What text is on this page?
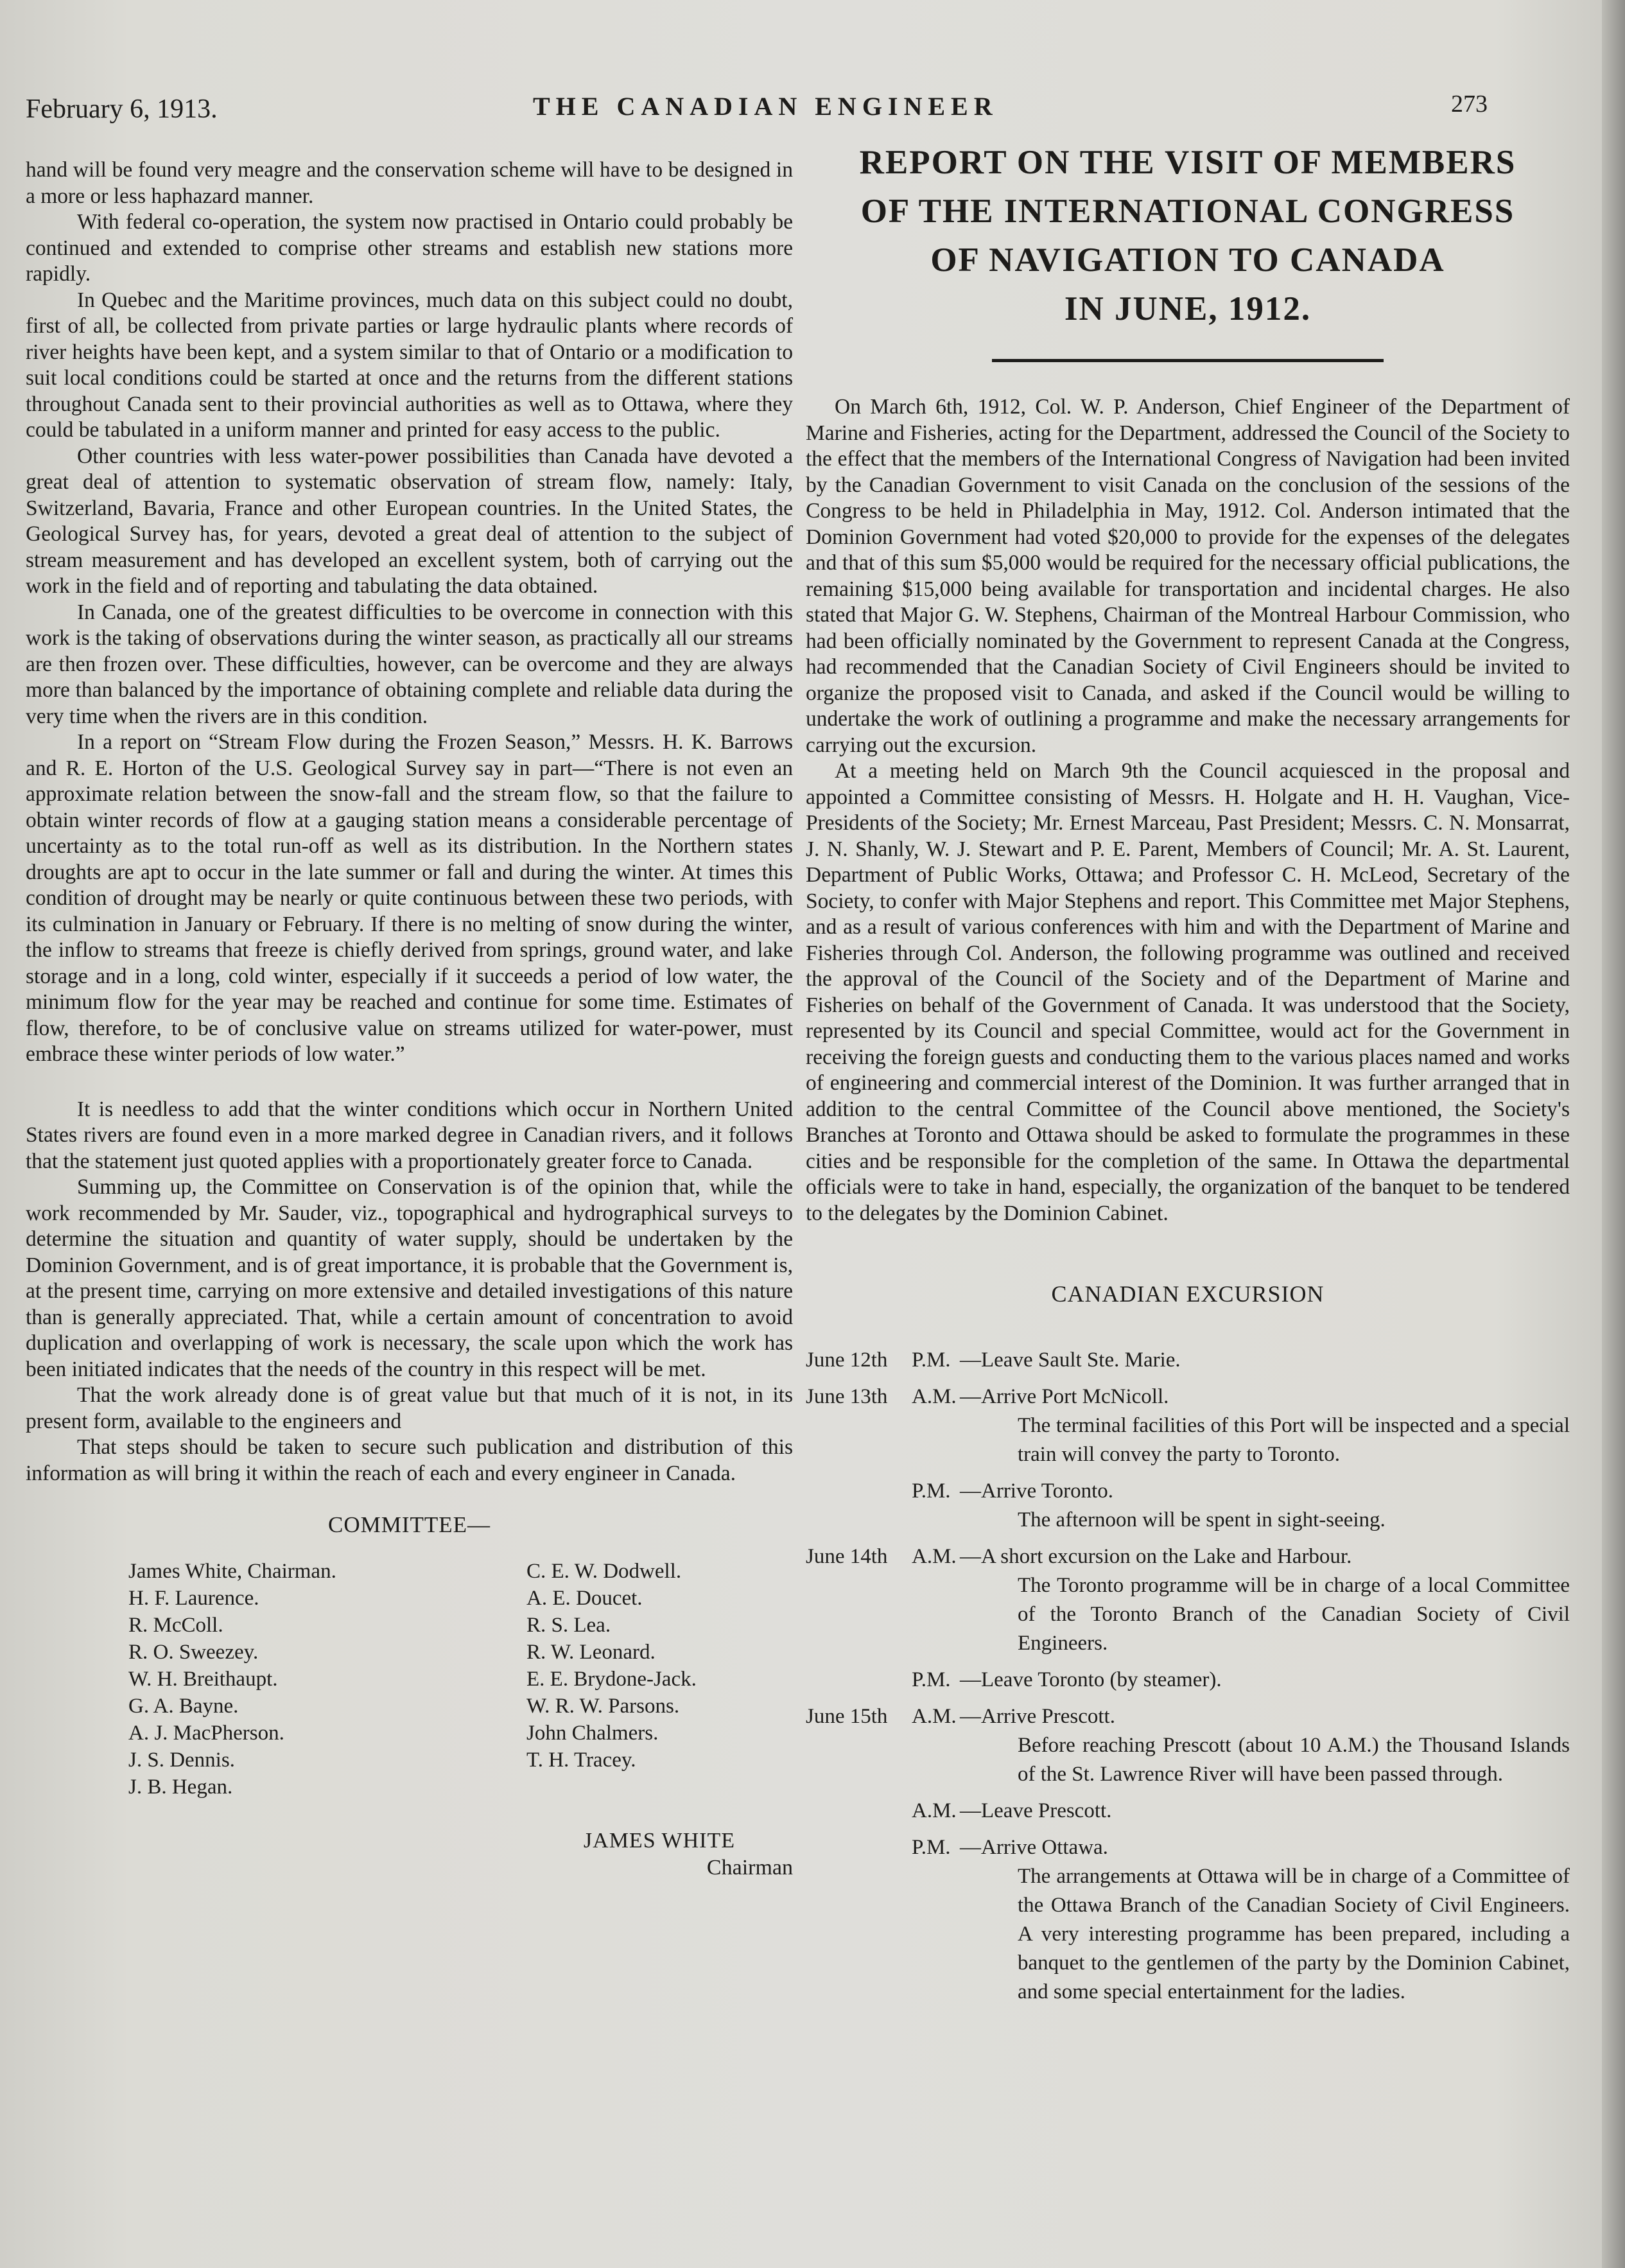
February 6, 1913.	THE CANADIAN ENGINEER	273

hand will be found very meagre and the conservation scheme will have to be designed in a more or less haphazard manner.

With federal co-operation, the system now practised in Ontario could probably be continued and extended to comprise other streams and establish new stations more rapidly.

In Quebec and the Maritime provinces, much data on this subject could no doubt, first of all, be collected from private parties or large hydraulic plants where records of river heights have been kept, and a system similar to that of Ontario or a modification to suit local conditions could be started at once and the returns from the different stations throughout Canada sent to their provincial authorities as well as to Ottawa, where they could be tabulated in a uniform manner and printed for easy access to the public.

Other countries with less water-power possibilities than Canada have devoted a great deal of attention to systematic observation of stream flow, namely: Italy, Switzerland, Bavaria, France and other European countries. In the United States, the Geological Survey has, for years, devoted a great deal of attention to the subject of stream measurement and has developed an excellent system, both of carrying out the work in the field and of reporting and tabulating the data obtained.

In Canada, one of the greatest difficulties to be overcome in connection with this work is the taking of observations during the winter season, as practically all our streams are then frozen over. These difficulties, however, can be overcome and they are always more than balanced by the importance of obtaining complete and reliable data during the very time when the rivers are in this condition.

In a report on “Stream Flow during the Frozen Season,” Messrs. H. K. Barrows and R. E. Horton of the U.S. Geological Survey say in part—“There is not even an approximate relation between the snow-fall and the stream flow, so that the failure to obtain winter records of flow at a gauging station means a considerable percentage of uncertainty as to the total run-off as well as its distribution. In the Northern states droughts are apt to occur in the late summer or fall and during the winter. At times this condition of drought may be nearly or quite continuous between these two periods, with its culmination in January or February. If there is no melting of snow during the winter, the inflow to streams that freeze is chiefly derived from springs, ground water, and lake storage and in a long, cold winter, especially if it succeeds a period of low water, the minimum flow for the year may be reached and continue for some time. Estimates of flow, therefore, to be of conclusive value on streams utilized for water-power, must embrace these winter periods of low water.”

It is needless to add that the winter conditions which occur in Northern United States rivers are found even in a more marked degree in Canadian rivers, and it follows that the statement just quoted applies with a proportionately greater force to Canada.

Summing up, the Committee on Conservation is of the opinion that, while the work recommended by Mr. Sauder, viz., topographical and hydrographical surveys to determine the situation and quantity of water supply, should be undertaken by the Dominion Government, and is of great importance, it is probable that the Government is, at the present time, carrying on more extensive and detailed investigations of this nature than is generally appreciated. That, while a certain amount of concentration to avoid duplication and overlapping of work is necessary, the scale upon which the work has been initiated indicates that the needs of the country in this respect will be met.

That the work already done is of great value but that much of it is not, in its present form, available to the engineers and

That steps should be taken to secure such publication and distribution of this information as will bring it within the reach of each and every engineer in Canada.

COMMITTEE—
James White, Chairman.
H. F. Laurence.
R. McColl.
R. O. Sweezey.
W. H. Breithaupt.
G. A. Bayne.
A. J. MacPherson.
J. S. Dennis.
J. B. Hegan.
C. E. W. Dodwell.
A. E. Doucet.
R. S. Lea.
R. W. Leonard.
E. E. Brydone-Jack.
W. R. W. Parsons.
John Chalmers.
T. H. Tracey.
JAMES WHITE
Chairman
REPORT ON THE VISIT OF MEMBERS
OF THE INTERNATIONAL CONGRESS
OF NAVIGATION TO CANADA
IN JUNE, 1912.

On March 6th, 1912, Col. W. P. Anderson, Chief Engineer of the Department of Marine and Fisheries, acting for the Department, addressed the Council of the Society to the effect that the members of the International Congress of Navigation had been invited by the Canadian Government to visit Canada on the conclusion of the sessions of the Congress to be held in Philadelphia in May, 1912. Col. Anderson intimated that the Dominion Government had voted $20,000 to provide for the expenses of the delegates and that of this sum $5,000 would be required for the necessary official publications, the remaining $15,000 being available for transportation and incidental charges. He also stated that Major G. W. Stephens, Chairman of the Montreal Harbour Commission, who had been officially nominated by the Government to represent Canada at the Congress, had recommended that the Canadian Society of Civil Engineers should be invited to organize the proposed visit to Canada, and asked if the Council would be willing to undertake the work of outlining a programme and make the necessary arrangements for carrying out the excursion.

At a meeting held on March 9th the Council acquiesced in the proposal and appointed a Committee consisting of Messrs. H. Holgate and H. H. Vaughan, Vice-Presidents of the Society; Mr. Ernest Marceau, Past President; Messrs. C. N. Monsarrat, J. N. Shanly, W. J. Stewart and P. E. Parent, Members of Council; Mr. A. St. Laurent, Department of Public Works, Ottawa; and Professor C. H. McLeod, Secretary of the Society, to confer with Major Stephens and report. This Committee met Major Stephens, and as a result of various conferences with him and with the Department of Marine and Fisheries through Col. Anderson, the following programme was outlined and received the approval of the Council of the Society and of the Department of Marine and Fisheries on behalf of the Government of Canada. It was understood that the Society, represented by its Council and special Committee, would act for the Government in receiving the foreign guests and conducting them to the various places named and works of engineering and commercial interest of the Dominion. It was further arranged that in addition to the central Committee of the Council above mentioned, the Society's Branches at Toronto and Ottawa should be asked to formulate the programmes in these cities and be responsible for the completion of the same. In Ottawa the departmental officials were to take in hand, especially, the organization of the banquet to be tendered to the delegates by the Dominion Cabinet.

CANADIAN EXCURSION
June 12th	P.M. —Leave Sault Ste. Marie.
June 13th	A.M. —Arrive Port McNicoll.
The terminal facilities of this Port will be inspected and a special train will convey the party to Toronto.
P.M. —Arrive Toronto.
The afternoon will be spent in sight-seeing.
June 14th	A.M. —A short excursion on the Lake and Harbour.
The Toronto programme will be in charge of a local Committee of the Toronto Branch of the Canadian Society of Civil Engineers.
P.M. —Leave Toronto (by steamer).
June 15th	A.M. —Arrive Prescott.
Before reaching Prescott (about 10 A.M.) the Thousand Islands of the St. Lawrence River will have been passed through.
A.M. —Leave Prescott.
P.M. —Arrive Ottawa.
The arrangements at Ottawa will be in charge of a Committee of the Ottawa Branch of the Canadian Society of Civil Engineers. A very interesting programme has been prepared, including a banquet to the gentlemen of the party by the Dominion Cabinet, and some special entertainment for the ladies.
